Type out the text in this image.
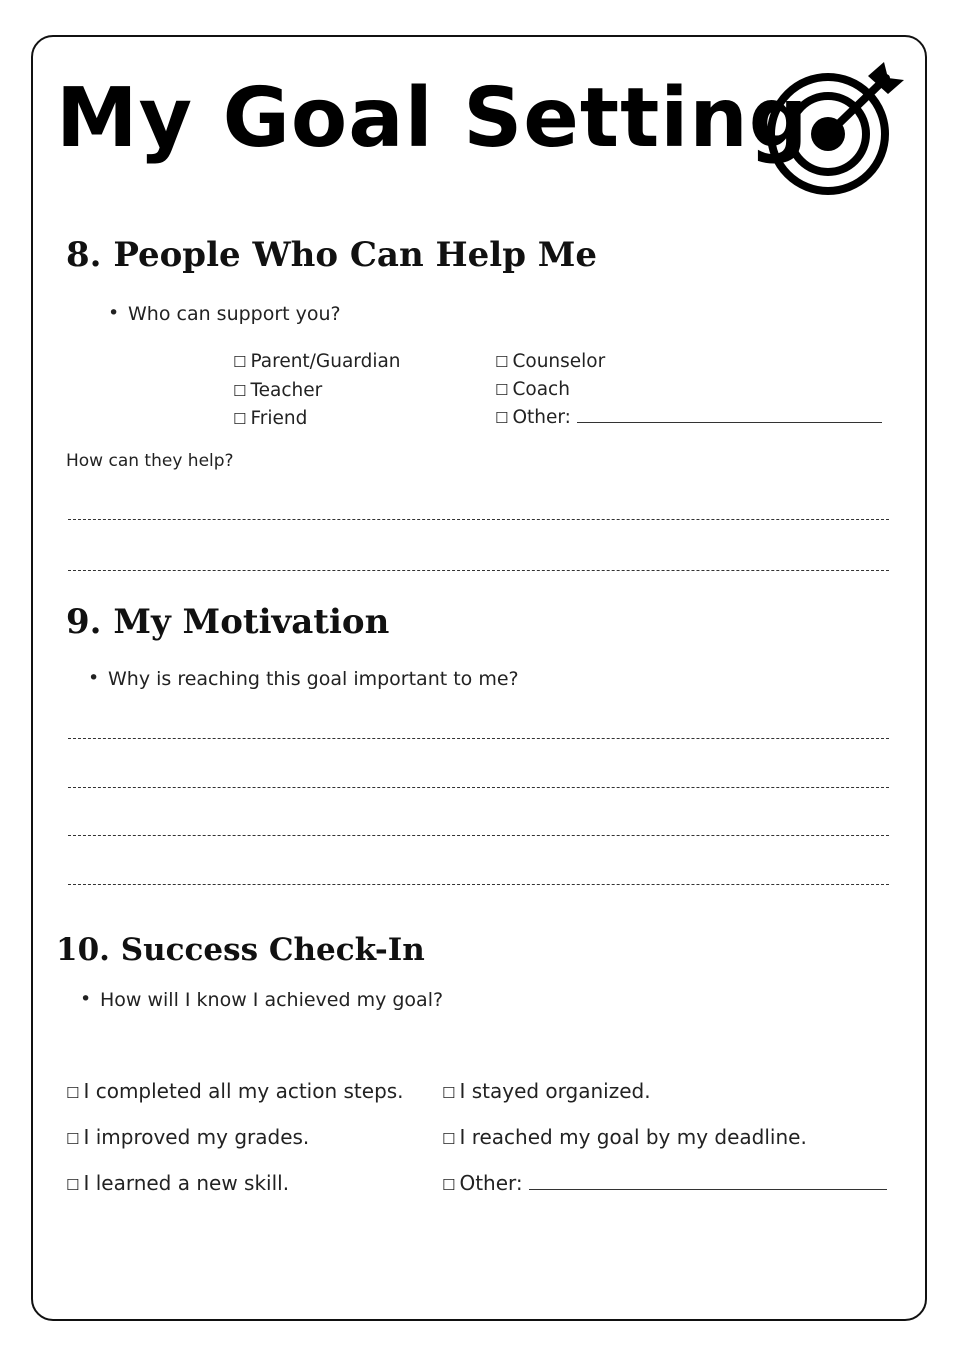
My Goal Setting
8. People Who Can Help Me

• Who can support you?

☐ Parent/Guardian
☐ Teacher
☐ Friend
☐ Counselor
☐ Coach
☐ Other:
How can they help?
9. My Motivation

• Why is reaching this goal important to me?

10. Success Check-In

• How will I know I achieved my goal?

☐ I completed all my action steps.
☐ I improved my grades.
☐ I learned a new skill.
☐ I stayed organized.
☐ I reached my goal by my deadline.
☐ Other:
